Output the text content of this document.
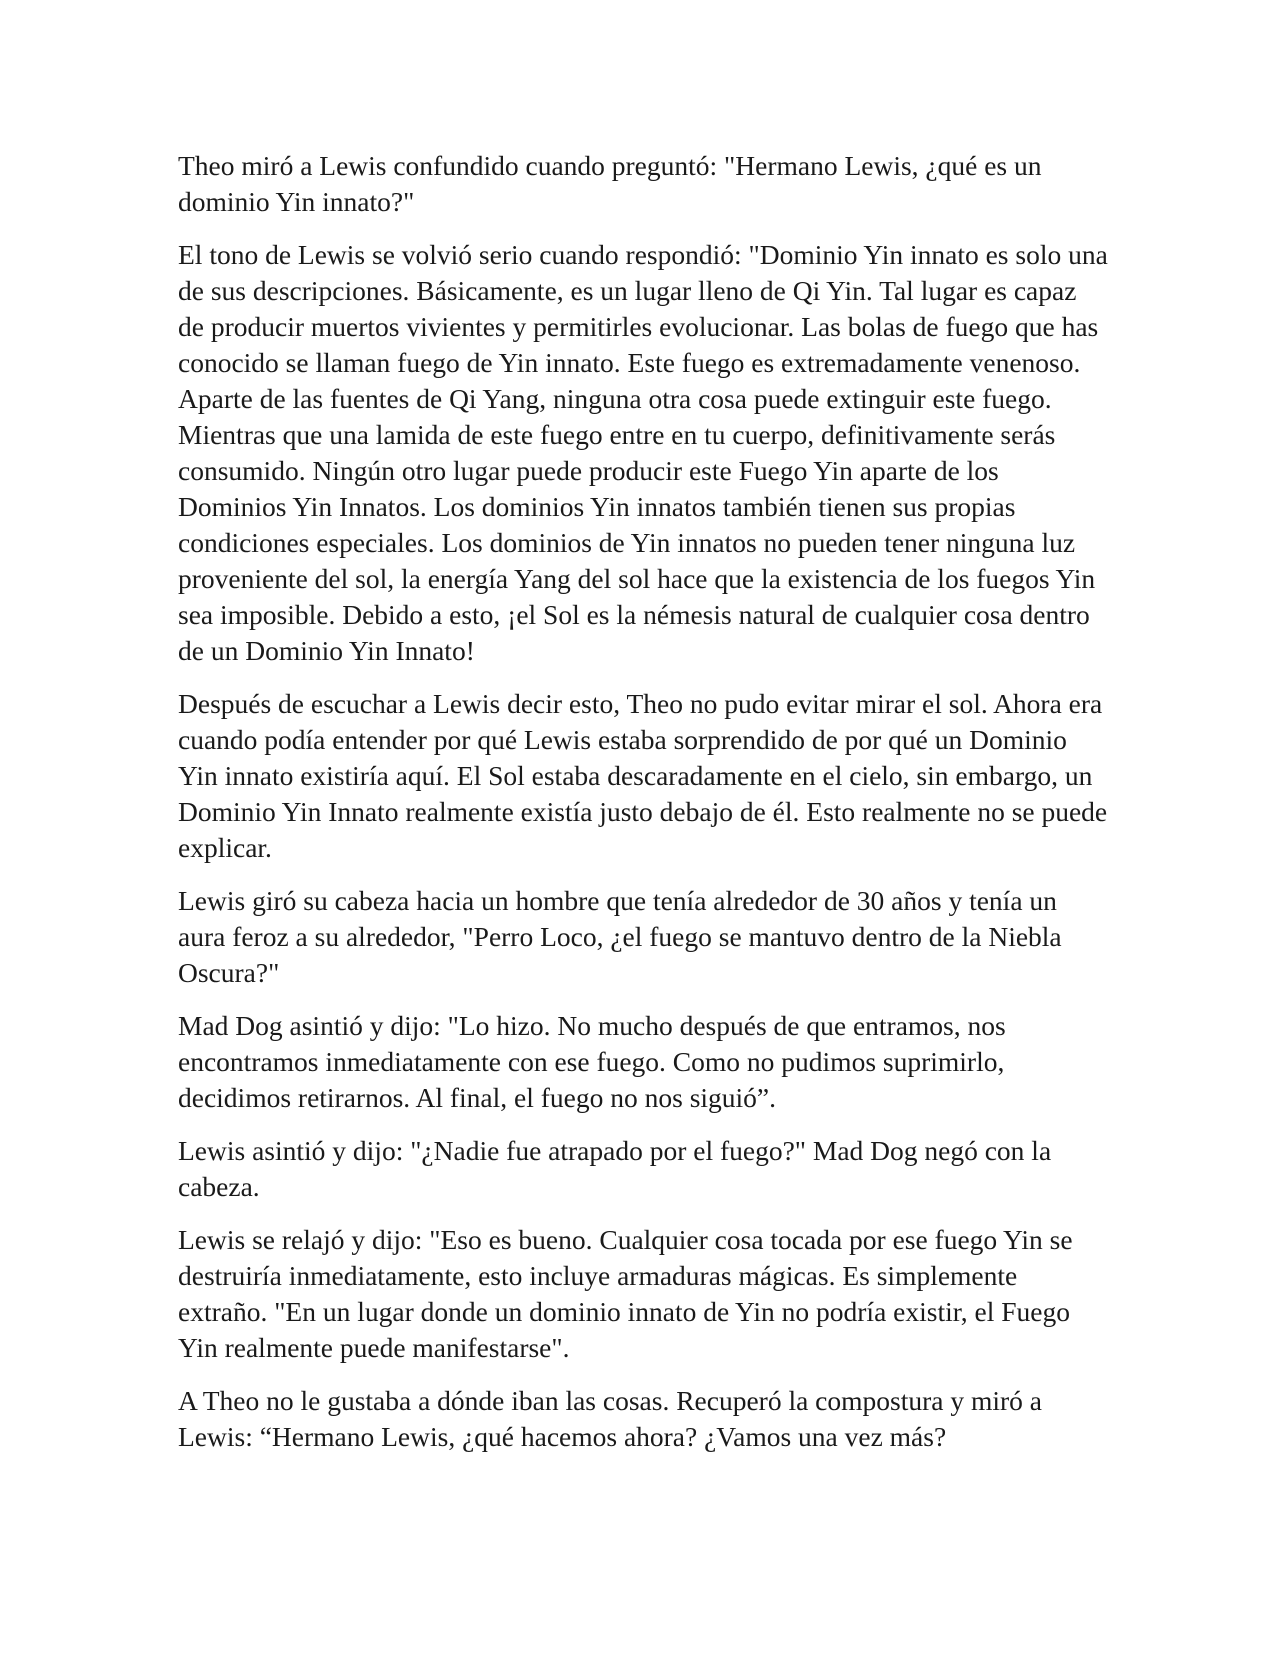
Theo miró a Lewis confundido cuando preguntó: "Hermano Lewis, ¿qué es un dominio Yin innato?"

El tono de Lewis se volvió serio cuando respondió: "Dominio Yin innato es solo una de sus descripciones. Básicamente, es un lugar lleno de Qi Yin. Tal lugar es capaz de producir muertos vivientes y permitirles evolucionar. Las bolas de fuego que has conocido se llaman fuego de Yin innato. Este fuego es extremadamente venenoso. Aparte de las fuentes de Qi Yang, ninguna otra cosa puede extinguir este fuego. Mientras que una lamida de este fuego entre en tu cuerpo, definitivamente serás consumido. Ningún otro lugar puede producir este Fuego Yin aparte de los Dominios Yin Innatos. Los dominios Yin innatos también tienen sus propias condiciones especiales. Los dominios de Yin innatos no pueden tener ninguna luz proveniente del sol, la energía Yang del sol hace que la existencia de los fuegos Yin sea imposible. Debido a esto, ¡el Sol es la némesis natural de cualquier cosa dentro de un Dominio Yin Innato!

Después de escuchar a Lewis decir esto, Theo no pudo evitar mirar el sol. Ahora era cuando podía entender por qué Lewis estaba sorprendido de por qué un Dominio Yin innato existiría aquí. El Sol estaba descaradamente en el cielo, sin embargo, un Dominio Yin Innato realmente existía justo debajo de él. Esto realmente no se puede explicar.

Lewis giró su cabeza hacia un hombre que tenía alrededor de 30 años y tenía un aura feroz a su alrededor, "Perro Loco, ¿el fuego se mantuvo dentro de la Niebla Oscura?"

Mad Dog asintió y dijo: "Lo hizo. No mucho después de que entramos, nos encontramos inmediatamente con ese fuego. Como no pudimos suprimirlo, decidimos retirarnos. Al final, el fuego no nos siguió”.

Lewis asintió y dijo: "¿Nadie fue atrapado por el fuego?" Mad Dog negó con la cabeza.

Lewis se relajó y dijo: "Eso es bueno. Cualquier cosa tocada por ese fuego Yin se destruiría inmediatamente, esto incluye armaduras mágicas. Es simplemente extraño. "En un lugar donde un dominio innato de Yin no podría existir, el Fuego Yin realmente puede manifestarse".

A Theo no le gustaba a dónde iban las cosas. Recuperó la compostura y miró a Lewis: “Hermano Lewis, ¿qué hacemos ahora? ¿Vamos una vez más?
